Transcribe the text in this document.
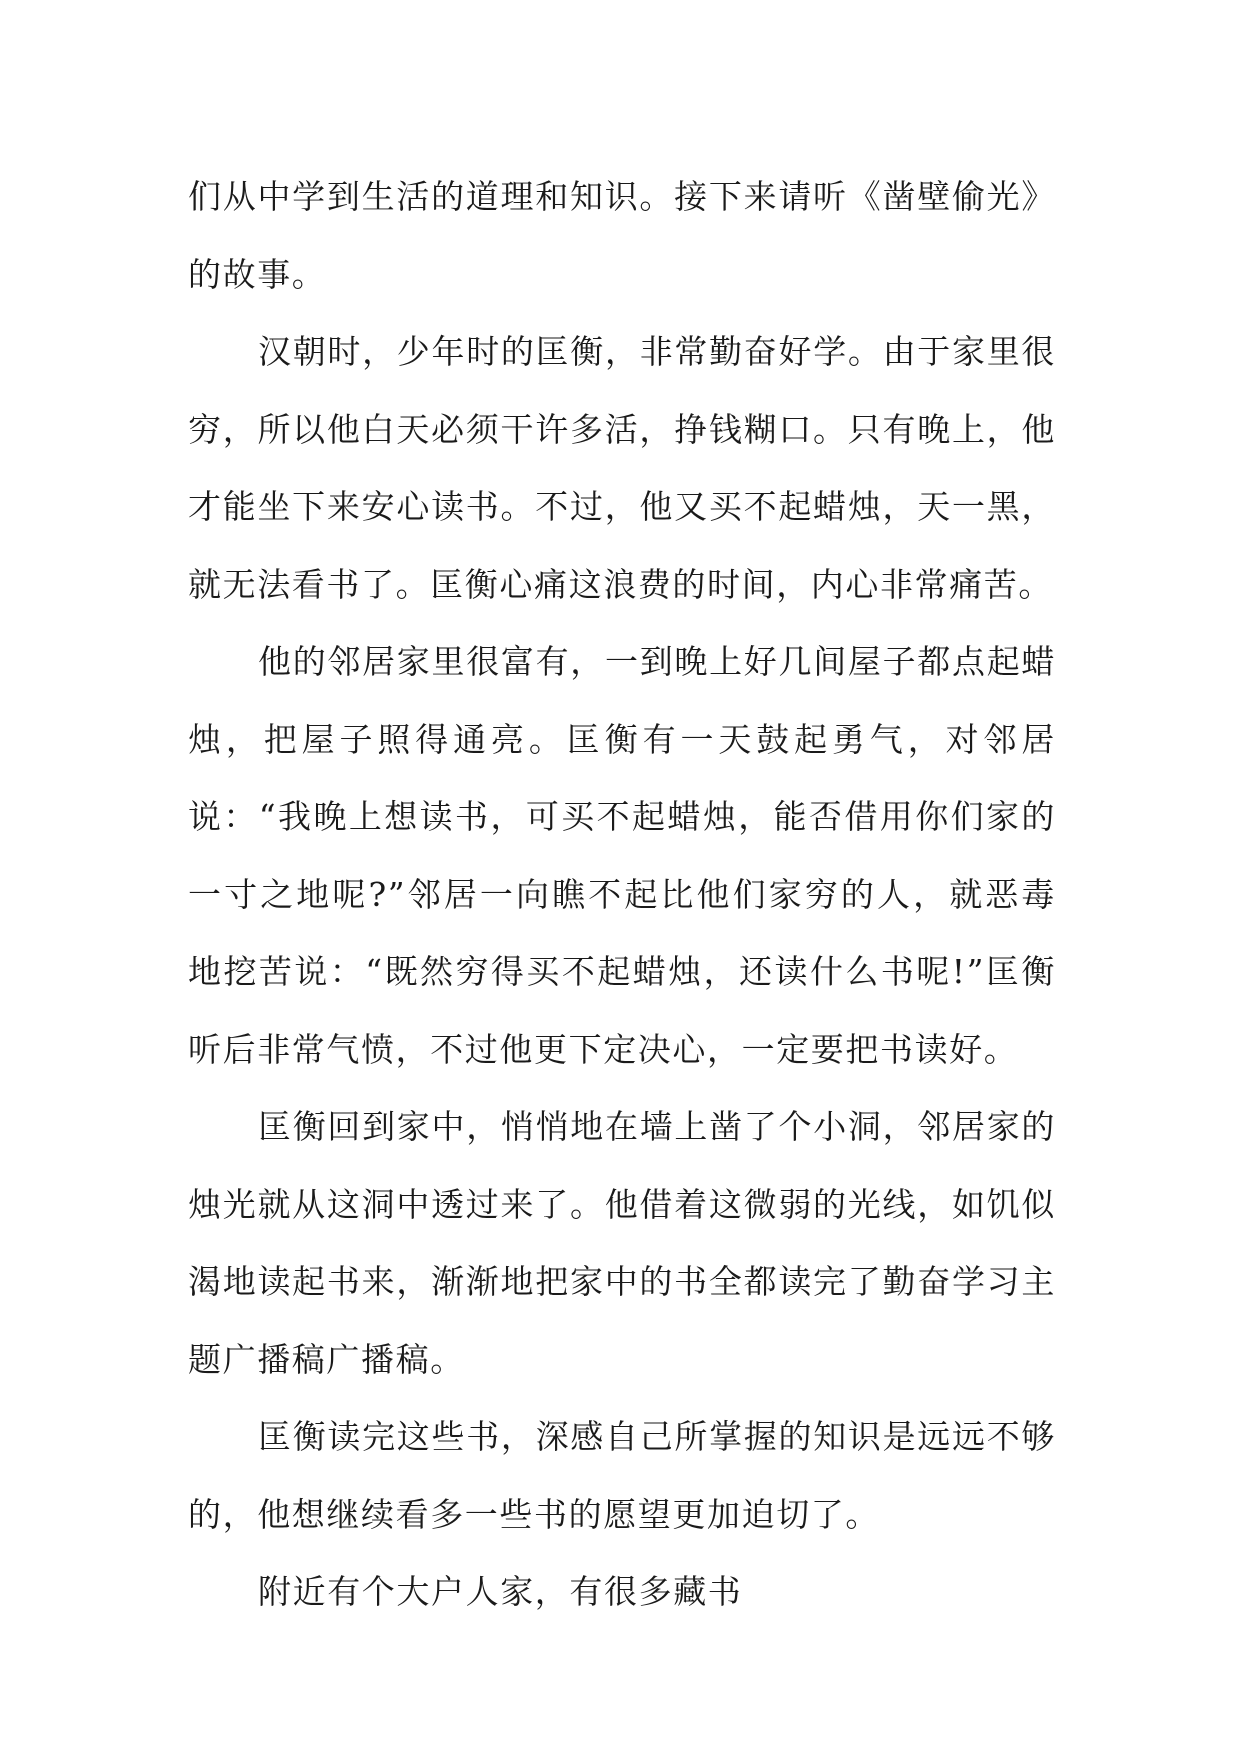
们从中学到生活的道理和知识。接下来请听《凿壁偷光》的故事。

汉朝时，少年时的匡衡，非常勤奋好学。由于家里很穷，所以他白天必须干许多活，挣钱糊口。只有晚上，他才能坐下来安心读书。不过，他又买不起蜡烛，天一黑，就无法看书了。匡衡心痛这浪费的时间，内心非常痛苦。

他的邻居家里很富有，一到晚上好几间屋子都点起蜡烛，把屋子照得通亮。匡衡有一天鼓起勇气，对邻居说：“我晚上想读书，可买不起蜡烛，能否借用你们家的一寸之地呢?”邻居一向瞧不起比他们家穷的人，就恶毒地挖苦说：“既然穷得买不起蜡烛，还读什么书呢!”匡衡听后非常气愤，不过他更下定决心，一定要把书读好。

匡衡回到家中，悄悄地在墙上凿了个小洞，邻居家的烛光就从这洞中透过来了。他借着这微弱的光线，如饥似渴地读起书来，渐渐地把家中的书全都读完了勤奋学习主题广播稿广播稿。

匡衡读完这些书，深感自己所掌握的知识是远远不够的，他想继续看多一些书的愿望更加迫切了。

附近有个大户人家，有很多藏书
